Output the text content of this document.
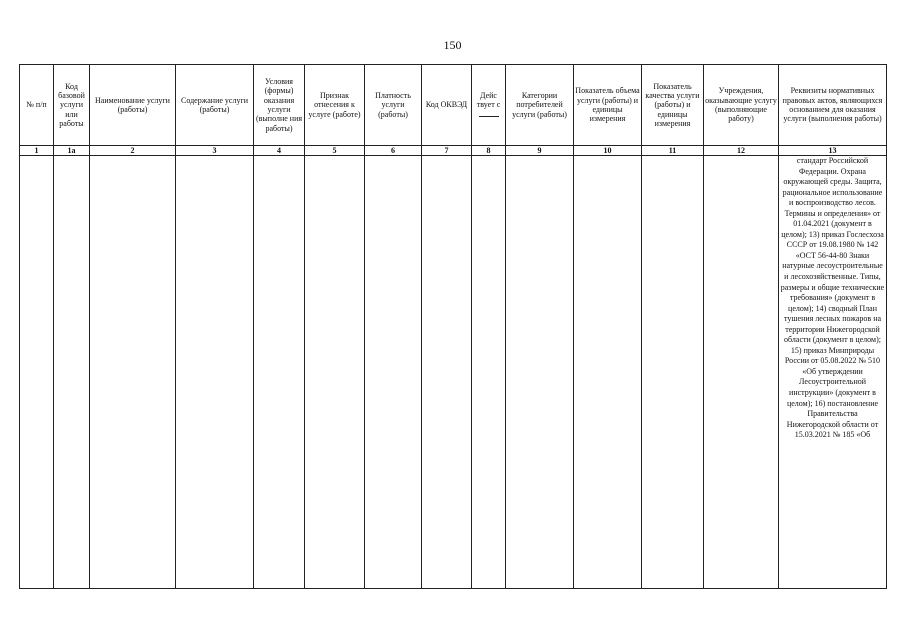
150
№ п/п	Код базовой услуги или работы	Наименование услуги (работы)	Содержание услуги (работы)	Условия (формы) оказания услуги (выполне ния работы)	Признак отнесения к услуге (работе)	Платность услуги (работы)	Код ОКВЭД	Дейс твует с	Категории потребителей услуги (работы)	Показатель объема услуги (работы) и единицы измерения	Показатель качества услуги (работы) и единицы измерения	Учреждения, оказывающие услугу (выполняющие работу)	Реквизиты нормативных правовых актов, являющихся основанием для оказания услуги (выполнения работы)
1	1а	2	3	4	5	6	7	8	9	10	11	12	13
													стандарт Российской Федерации. Охрана окружающей среды. Защита, рациональное использование и воспроизводство лесов. Термины и определения» от 01.04.2021 (документ в целом); 13) приказ Гослесхоза СССР от 19.08.1980 № 142 «ОСТ 56-44-80 Знаки натурные лесоустроительные и лесохозяйственные. Типы, размеры и общие технические требования» (документ в целом); 14) сводный План тушения лесных пожаров на территории Нижегородской области (документ в целом); 15) приказ Минприроды России от 05.08.2022 № 510 «Об утверждении Лесоустроительной инструкции» (документ в целом); 16) постановление Правительства Нижегородской области от 15.03.2021 № 185 «Об
